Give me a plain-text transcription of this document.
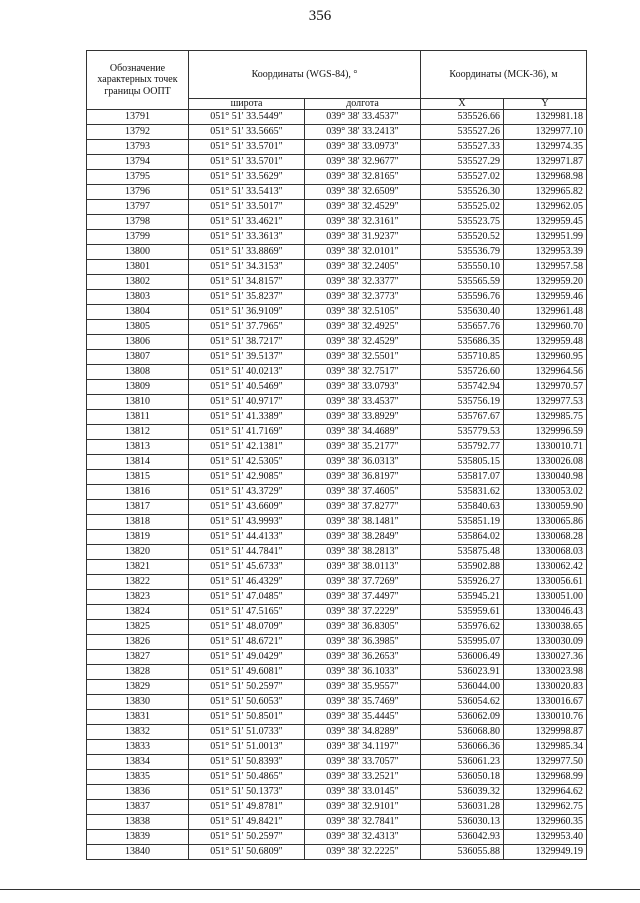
356
Обозначение характерных точек границы ООПТ	Координаты (WGS-84), °		Координаты (МСК-36), м	
	широта	долгота	X	Y
13791	051° 51' 33.5449"	039° 38' 33.4537"	535526.66	1329981.18
13792	051° 51' 33.5665"	039° 38' 33.2413"	535527.26	1329977.10
13793	051° 51' 33.5701"	039° 38' 33.0973"	535527.33	1329974.35
13794	051° 51' 33.5701"	039° 38' 32.9677"	535527.29	1329971.87
13795	051° 51' 33.5629"	039° 38' 32.8165"	535527.02	1329968.98
13796	051° 51' 33.5413"	039° 38' 32.6509"	535526.30	1329965.82
13797	051° 51' 33.5017"	039° 38' 32.4529"	535525.02	1329962.05
13798	051° 51' 33.4621"	039° 38' 32.3161"	535523.75	1329959.45
13799	051° 51' 33.3613"	039° 38' 31.9237"	535520.52	1329951.99
13800	051° 51' 33.8869"	039° 38' 32.0101"	535536.79	1329953.39
13801	051° 51' 34.3153"	039° 38' 32.2405"	535550.10	1329957.58
13802	051° 51' 34.8157"	039° 38' 32.3377"	535565.59	1329959.20
13803	051° 51' 35.8237"	039° 38' 32.3773"	535596.76	1329959.46
13804	051° 51' 36.9109"	039° 38' 32.5105"	535630.40	1329961.48
13805	051° 51' 37.7965"	039° 38' 32.4925"	535657.76	1329960.70
13806	051° 51' 38.7217"	039° 38' 32.4529"	535686.35	1329959.48
13807	051° 51' 39.5137"	039° 38' 32.5501"	535710.85	1329960.95
13808	051° 51' 40.0213"	039° 38' 32.7517"	535726.60	1329964.56
13809	051° 51' 40.5469"	039° 38' 33.0793"	535742.94	1329970.57
13810	051° 51' 40.9717"	039° 38' 33.4537"	535756.19	1329977.53
13811	051° 51' 41.3389"	039° 38' 33.8929"	535767.67	1329985.75
13812	051° 51' 41.7169"	039° 38' 34.4689"	535779.53	1329996.59
13813	051° 51' 42.1381"	039° 38' 35.2177"	535792.77	1330010.71
13814	051° 51' 42.5305"	039° 38' 36.0313"	535805.15	1330026.08
13815	051° 51' 42.9085"	039° 38' 36.8197"	535817.07	1330040.98
13816	051° 51' 43.3729"	039° 38' 37.4605"	535831.62	1330053.02
13817	051° 51' 43.6609"	039° 38' 37.8277"	535840.63	1330059.90
13818	051° 51' 43.9993"	039° 38' 38.1481"	535851.19	1330065.86
13819	051° 51' 44.4133"	039° 38' 38.2849"	535864.02	1330068.28
13820	051° 51' 44.7841"	039° 38' 38.2813"	535875.48	1330068.03
13821	051° 51' 45.6733"	039° 38' 38.0113"	535902.88	1330062.42
13822	051° 51' 46.4329"	039° 38' 37.7269"	535926.27	1330056.61
13823	051° 51' 47.0485"	039° 38' 37.4497"	535945.21	1330051.00
13824	051° 51' 47.5165"	039° 38' 37.2229"	535959.61	1330046.43
13825	051° 51' 48.0709"	039° 38' 36.8305"	535976.62	1330038.65
13826	051° 51' 48.6721"	039° 38' 36.3985"	535995.07	1330030.09
13827	051° 51' 49.0429"	039° 38' 36.2653"	536006.49	1330027.36
13828	051° 51' 49.6081"	039° 38' 36.1033"	536023.91	1330023.98
13829	051° 51' 50.2597"	039° 38' 35.9557"	536044.00	1330020.83
13830	051° 51' 50.6053"	039° 38' 35.7469"	536054.62	1330016.67
13831	051° 51' 50.8501"	039° 38' 35.4445"	536062.09	1330010.76
13832	051° 51' 51.0733"	039° 38' 34.8289"	536068.80	1329998.87
13833	051° 51' 51.0013"	039° 38' 34.1197"	536066.36	1329985.34
13834	051° 51' 50.8393"	039° 38' 33.7057"	536061.23	1329977.50
13835	051° 51' 50.4865"	039° 38' 33.2521"	536050.18	1329968.99
13836	051° 51' 50.1373"	039° 38' 33.0145"	536039.32	1329964.62
13837	051° 51' 49.8781"	039° 38' 32.9101"	536031.28	1329962.75
13838	051° 51' 49.8421"	039° 38' 32.7841"	536030.13	1329960.35
13839	051° 51' 50.2597"	039° 38' 32.4313"	536042.93	1329953.40
13840	051° 51' 50.6809"	039° 38' 32.2225"	536055.88	1329949.19
